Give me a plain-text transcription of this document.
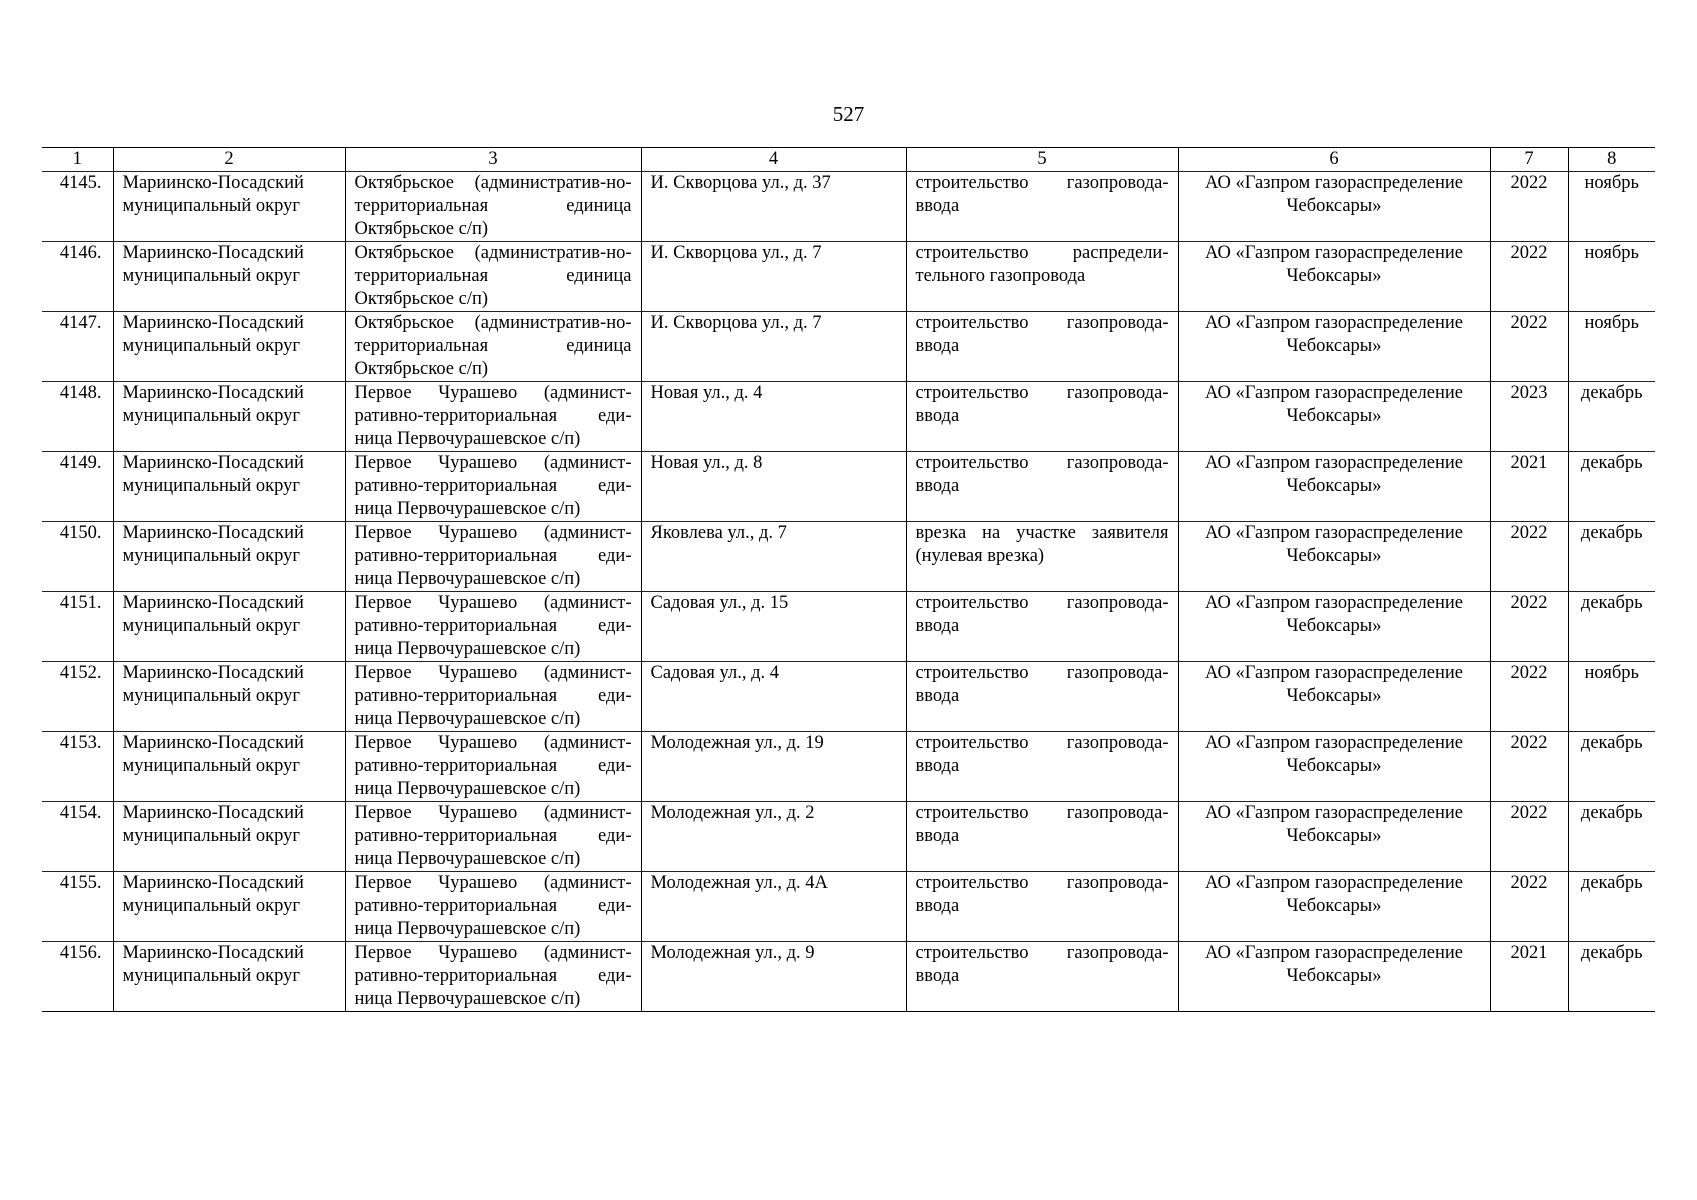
527
1	2	3	4	5	6	7	8
4145.	Мариинско-Посадский муниципальный округ	Октябрьское (административ-но-территориальная единица Октябрьское с/п)	И. Скворцова ул., д. 37	строительство газопровода-ввода	АО «Газпром газораспределение Чебоксары»	2022	ноябрь
4146.	Мариинско-Посадский муниципальный округ	Октябрьское (административ-но-территориальная единица Октябрьское с/п)	И. Скворцова ул., д. 7	строительство распредели-тельного газопровода	АО «Газпром газораспределение Чебоксары»	2022	ноябрь
4147.	Мариинско-Посадский муниципальный округ	Октябрьское (административ-но-территориальная единица Октябрьское с/п)	И. Скворцова ул., д. 7	строительство газопровода-ввода	АО «Газпром газораспределение Чебоксары»	2022	ноябрь
4148.	Мариинско-Посадский муниципальный округ	Первое Чурашево (админист-ративно-территориальная еди-ница Первочурашевское с/п)	Новая ул., д. 4	строительство газопровода-ввода	АО «Газпром газораспределение Чебоксары»	2023	декабрь
4149.	Мариинско-Посадский муниципальный округ	Первое Чурашево (админист-ративно-территориальная еди-ница Первочурашевское с/п)	Новая ул., д. 8	строительство газопровода-ввода	АО «Газпром газораспределение Чебоксары»	2021	декабрь
4150.	Мариинско-Посадский муниципальный округ	Первое Чурашево (админист-ративно-территориальная еди-ница Первочурашевское с/п)	Яковлева ул., д. 7	врезка на участке заявителя (нулевая врезка)	АО «Газпром газораспределение Чебоксары»	2022	декабрь
4151.	Мариинско-Посадский муниципальный округ	Первое Чурашево (админист-ративно-территориальная еди-ница Первочурашевское с/п)	Садовая ул., д. 15	строительство газопровода-ввода	АО «Газпром газораспределение Чебоксары»	2022	декабрь
4152.	Мариинско-Посадский муниципальный округ	Первое Чурашево (админист-ративно-территориальная еди-ница Первочурашевское с/п)	Садовая ул., д. 4	строительство газопровода-ввода	АО «Газпром газораспределение Чебоксары»	2022	ноябрь
4153.	Мариинско-Посадский муниципальный округ	Первое Чурашево (админист-ративно-территориальная еди-ница Первочурашевское с/п)	Молодежная ул., д. 19	строительство газопровода-ввода	АО «Газпром газораспределение Чебоксары»	2022	декабрь
4154.	Мариинско-Посадский муниципальный округ	Первое Чурашево (админист-ративно-территориальная еди-ница Первочурашевское с/п)	Молодежная ул., д. 2	строительство газопровода-ввода	АО «Газпром газораспределение Чебоксары»	2022	декабрь
4155.	Мариинско-Посадский муниципальный округ	Первое Чурашево (админист-ративно-территориальная еди-ница Первочурашевское с/п)	Молодежная ул., д. 4А	строительство газопровода-ввода	АО «Газпром газораспределение Чебоксары»	2022	декабрь
4156.	Мариинско-Посадский муниципальный округ	Первое Чурашево (админист-ративно-территориальная еди-ница Первочурашевское с/п)	Молодежная ул., д. 9	строительство газопровода-ввода	АО «Газпром газораспределение Чебоксары»	2021	декабрь
